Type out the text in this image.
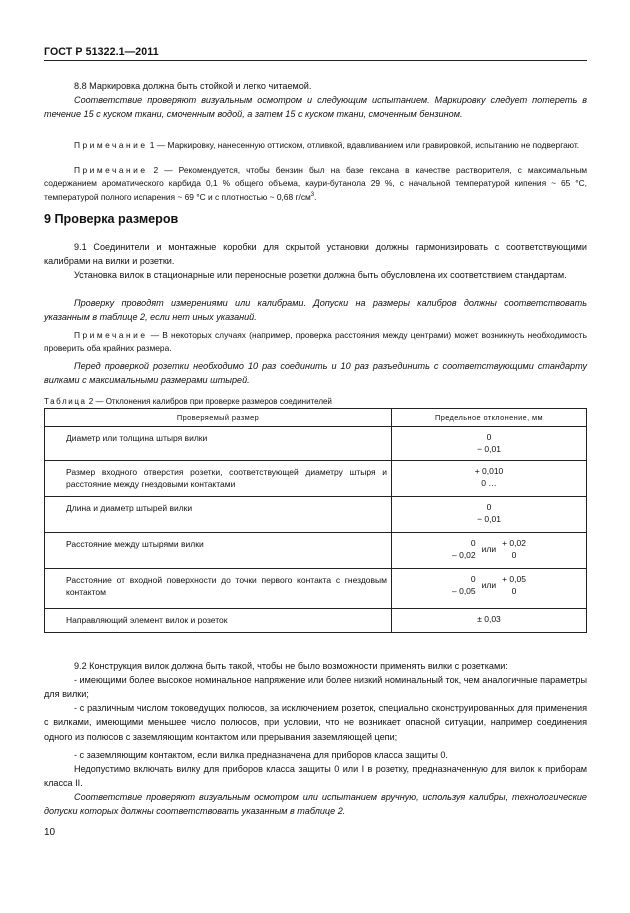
ГОСТ Р 51322.1—2011
8.8 Маркировка должна быть стойкой и легко читаемой.
Соответствие проверяют визуальным осмотром и следующим испытанием. Маркировку следует потереть в течение 15 с куском ткани, смоченным водой, а затем 15 с куском ткани, смоченным бензином.
Примечание 1 — Маркировку, нанесенную оттиском, отливкой, вдавливанием или гравировкой, испытанию не подвергают.
Примечание 2 — Рекомендуется, чтобы бензин был на базе гексана в качестве растворителя, с максимальным содержанием ароматического карбида 0,1 % общего объема, каури-бутанола 29 %, с начальной температурой кипения ~ 65 °С, температурой полного испарения ~ 69 °С и с плотностью ~ 0,68 $г/см^3$.
9 Проверка размеров
9.1 Соединители и монтажные коробки для скрытой установки должны гармонизировать с соответствующими калибрами на вилки и розетки.
Установка вилок в стационарные или переносные розетки должна быть обусловлена их соответствием стандартам.
Проверку проводят измерениями или калибрами. Допуски на размеры калибров должны соответствовать указанным в таблице 2, если нет иных указаний.
Примечание — В некоторых случаях (например, проверка расстояния между центрами) может возникнуть необходимость проверить оба крайних размера.
Перед проверкой розетки необходимо 10 раз соединить и 10 раз разъединить с соответствующими стандарту вилками с максимальными размерами штырей.
Таблица 2 — Отклонения калибров при проверке размеров соединителей
Проверяемый размер	Предельное отклонение, мм

Диаметр или толщина штыря вилки	0
− 0,01

Размер входного отверстия розетки, соответствующей диаметру штыря и расстояние между гнездовыми контактами	+ 0,010
0 …

Длина и диаметр штырей вилки	0
− 0,01

Расстояние между штырями вилки	0
– 0,02
или
+ 0,02
0

Расстояние от входной поверхности до точки первого контакта с гнездовым контактом	0
– 0,05
или
+ 0,05
0

Направляющий элемент вилок и розеток	± 0,03
9.2 Конструкция вилок должна быть такой, чтобы не было возможности применять вилки с розетками:
- имеющими более высокое номинальное напряжение или более низкий номинальный ток, чем аналогичные параметры для вилки;
- с различным числом токоведущих полюсов, за исключением розеток, специально сконструированных для применения с вилками, имеющими меньшее число полюсов, при условии, что не возникает опасной ситуации, например соединения одного из полюсов с заземляющим контактом или прерывания заземляющей цепи;
- с заземляющим контактом, если вилка предназначена для приборов класса защиты 0.
Недопустимо включать вилку для приборов класса защиты 0 или I в розетку, предназначенную для вилок к приборам класса II.
Соответствие проверяют визуальным осмотром или испытанием вручную, используя калибры, технологические допуски которых должны соответствовать указанным в таблице 2.
10
